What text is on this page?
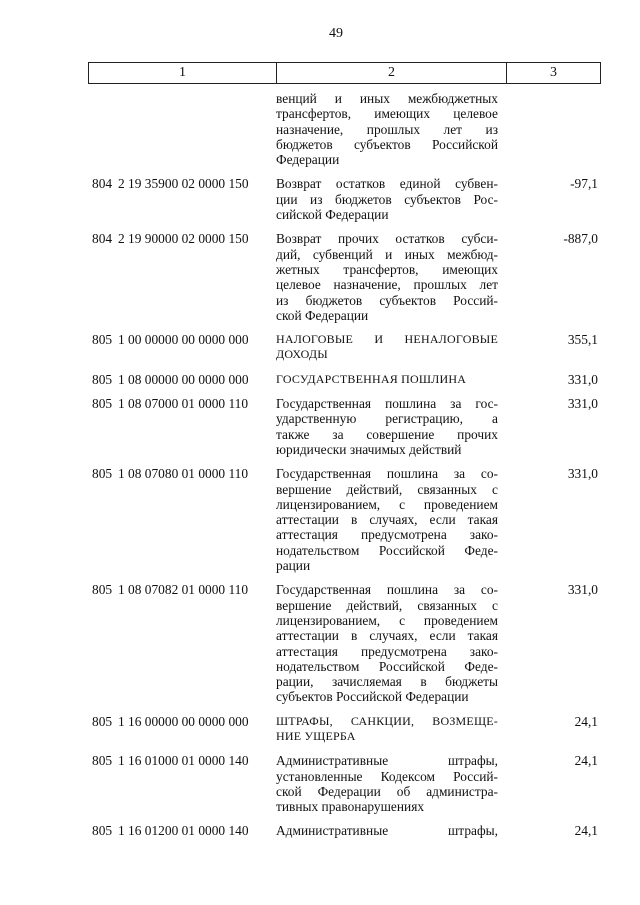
49
1	2	3
венций и иных межбюджетных
трансфертов, имеющих целевое
назначение, прошлых лет из
бюджетов субъектов Российской
Федерации
804 2 19 35900 02 0000 150	Возврат остатков единой субвен-
ции из бюджетов субъектов Рос-
сийской Федерации
-97,1
804 2 19 90000 02 0000 150	Возврат прочих остатков субси-
дий, субвенций и иных межбюд-
жетных трансфертов, имеющих
целевое назначение, прошлых лет
из бюджетов субъектов Россий-
ской Федерации
-887,0
805 1 00 00000 00 0000 000	НАЛОГОВЫЕ И НЕНАЛОГОВЫЕ
ДОХОДЫ
355,1
805 1 08 00000 00 0000 000	ГОСУДАРСТВЕННАЯ ПОШЛИНА	331,0
805 1 08 07000 01 0000 110	Государственная пошлина за гос-
ударственную регистрацию, а
также за совершение прочих
юридически значимых действий
331,0
805 1 08 07080 01 0000 110	Государственная пошлина за со-
вершение действий, связанных с
лицензированием, с проведением
аттестации в случаях, если такая
аттестация предусмотрена зако-
нодательством Российской Феде-
рации
331,0
805 1 08 07082 01 0000 110	Государственная пошлина за со-
вершение действий, связанных с
лицензированием, с проведением
аттестации в случаях, если такая
аттестация предусмотрена зако-
нодательством Российской Феде-
рации, зачисляемая в бюджеты
субъектов Российской Федерации
331,0
805 1 16 00000 00 0000 000	ШТРАФЫ, САНКЦИИ, ВОЗМЕЩЕ-
НИЕ УЩЕРБА
24,1
805 1 16 01000 01 0000 140	Административные штрафы,
установленные Кодексом Россий-
ской Федерации об администра-
тивных правонарушениях
24,1
805 1 16 01200 01 0000 140	Административные штрафы,	24,1
